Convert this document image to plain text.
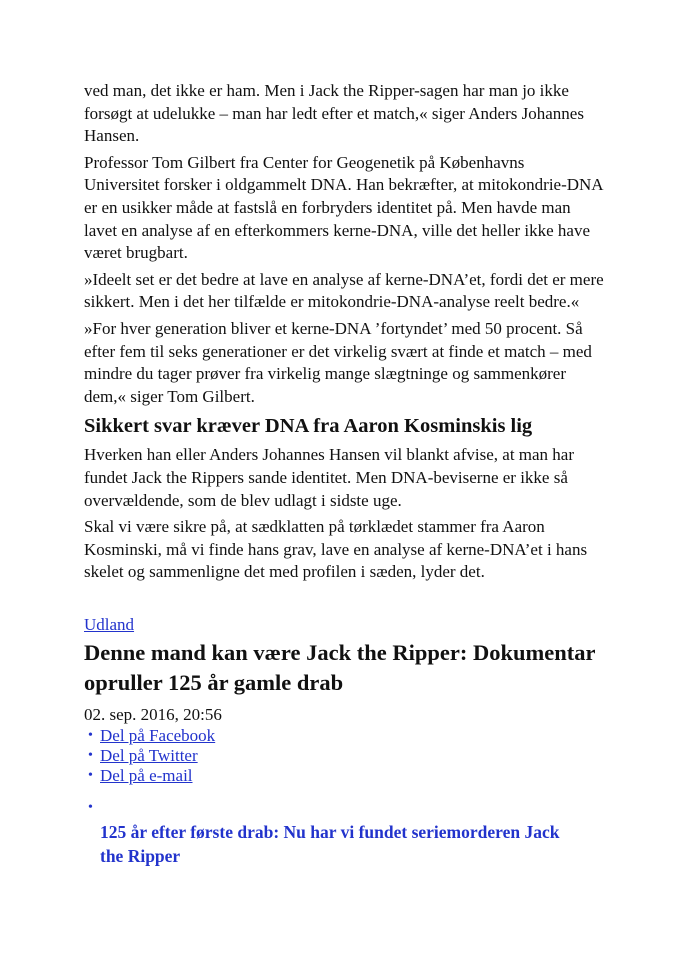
ved man, det ikke er ham. Men i Jack the Ripper-sagen har man jo ikke forsøgt at udelukke – man har ledt efter et match,« siger Anders Johannes Hansen.

Professor Tom Gilbert fra Center for Geogenetik på Københavns Universitet forsker i oldgammelt DNA. Han bekræfter, at mitokondrie-DNA er en usikker måde at fastslå en forbryders identitet på. Men havde man lavet en analyse af en efterkommers kerne-DNA, ville det heller ikke have været brugbart.

»Ideelt set er det bedre at lave en analyse af kerne-DNA’et, fordi det er mere sikkert. Men i det her tilfælde er mitokondrie-DNA-analyse reelt bedre.«

»For hver generation bliver et kerne-DNA ’fortyndet’ med 50 procent. Så efter fem til seks generationer er det virkelig svært at finde et match – med mindre du tager prøver fra virkelig mange slægtninge og sammenkører dem,« siger Tom Gilbert.

Sikkert svar kræver DNA fra Aaron Kosminskis lig

Hverken han eller Anders Johannes Hansen vil blankt afvise, at man har fundet Jack the Rippers sande identitet. Men DNA-beviserne er ikke så overvældende, som de blev udlagt i sidste uge.

Skal vi være sikre på, at sædklatten på tørklædet stammer fra Aaron Kosminski, må vi finde hans grav, lave en analyse af kerne-DNA’et i hans skelet og sammenligne det med profilen i sæden, lyder det.

Udland
Denne mand kan være Jack the Ripper: Dokumentar opruller 125 år gamle drab

02. sep. 2016, 20:56

• Del på Facebook
• Del på Twitter
• Del på e-mail
•
125 år efter første drab: Nu har vi fundet seriemorderen Jack the Ripper
